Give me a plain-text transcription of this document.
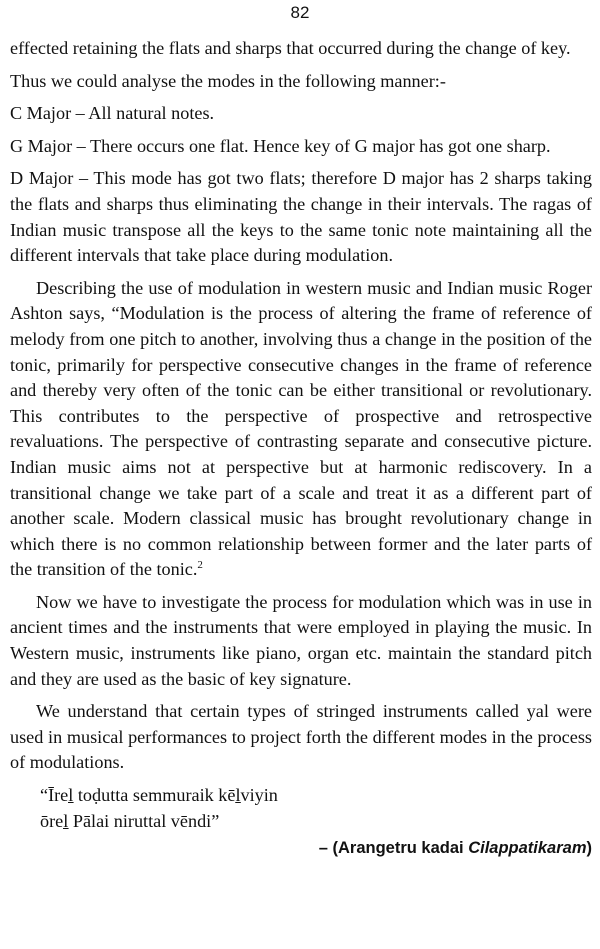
82

effected retaining the flats and sharps that occurred during the change of key.

Thus we could analyse the modes in the following manner:-

C Major – All natural notes.

G Major – There occurs one flat. Hence key of G major has got one sharp.

D Major – This mode has got two flats; therefore D major has 2 sharps taking the flats and sharps thus eliminating the change in their intervals. The ragas of Indian music transpose all the keys to the same tonic note maintaining all the different intervals that take place during modulation.

Describing the use of modulation in western music and Indian music Roger Ashton says, “Modulation is the process of altering the frame of reference of melody from one pitch to another, involving thus a change in the position of the tonic, primarily for perspective consecutive changes in the frame of reference and thereby very often of the tonic can be either transitional or revolutionary. This contributes to the perspective of prospective and retrospective revaluations. The perspective of contrasting separate and consecutive picture. Indian music aims not at perspective but at harmonic rediscovery. In a transitional change we take part of a scale and treat it as a different part of another scale. Modern classical music has brought revolutionary change in which there is no common relationship between former and the later parts of the transition of the tonic.$^2$

Now we have to investigate the process for modulation which was in use in ancient times and the instruments that were employed in playing the music. In Western music, instruments like piano, organ etc. maintain the standard pitch and they are used as the basic of key signature.

We understand that certain types of stringed instruments called yal were used in musical performances to project forth the different modes in the process of modulations.

“Īreḻ toḍutta semmuraik kēḻviyin
ōreḻ Pālai niruttal vēndi”
– (Arangetru kadai Cilappatikaram)
